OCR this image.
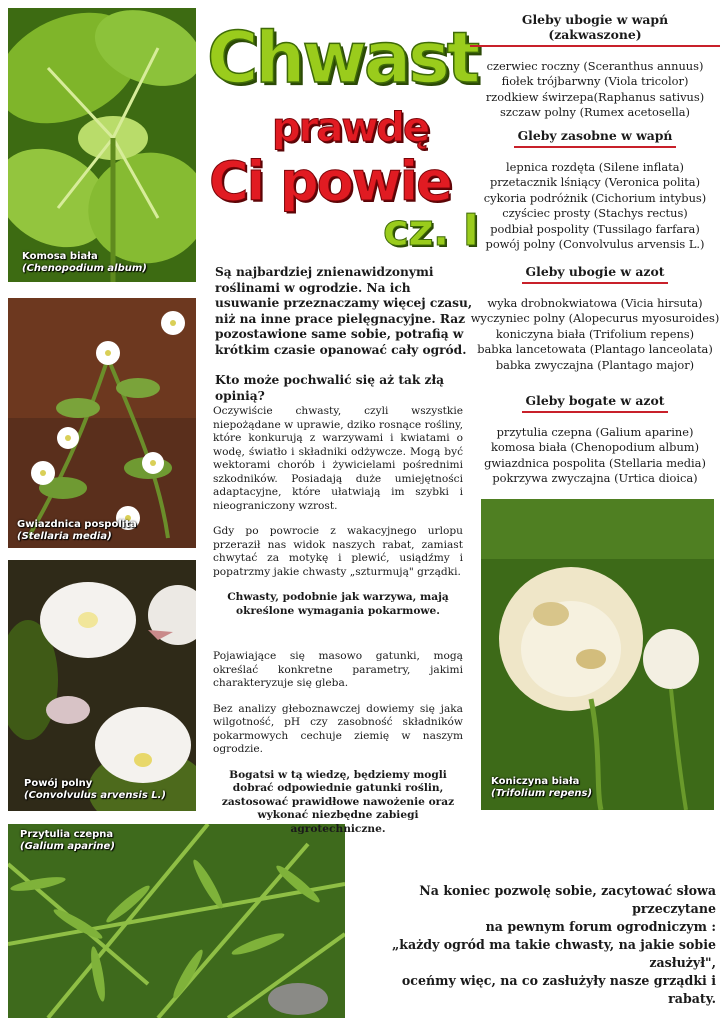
Komosa biała
(Chenopodium album)
Gwiazdnica pospolita
(Stellaria media)
Powój polny
(Convolvulus arvensis L.)
Przytulia czepna
(Galium aparine)
Koniczyna biała
(Trifolium repens)
Chwast
prawdę
Ci powie
cz. I

Są najbardziej znienawidzonymi roślinami w ogrodzie. Na ich usuwanie przeznaczamy więcej czasu, niż na inne prace pielęgnacyjne. Raz pozostawione same sobie, potrafią w krótkim czasie opanować cały ogród.

Kto może pochwalić się aż tak złą opinią?

Oczywiście chwasty, czyli wszystkie niepożądane w uprawie, dziko rosnące rośliny, które konkurują z warzywami i kwiatami o wodę, światło i składniki odżywcze. Mogą być wektorami chorób i żywicielami pośrednimi szkodników. Posiadają duże umiejętności adaptacyjne, które ułatwiają im szybki i nieograniczony wzrost.

Gdy po powrocie z wakacyjnego urlopu przeraził nas widok naszych rabat, zamiast chwytać za motykę i plewić, usiądźmy i popatrzmy jakie chwasty „szturmują" grządki.

Chwasty, podobnie jak warzywa, mają określone wymagania pokarmowe.

Pojawiające się masowo gatunki, mogą określać konkretne parametry, jakimi charakteryzuje się gleba.

Bez analizy głeboznawczej dowiemy się jaka wilgotność, pH czy zasobność składników pokarmowych cechuje ziemię w naszym ogrodzie.

Bogatsi w tą wiedzę, będziemy mogli dobrać odpowiednie gatunki roślin, zastosować prawidłowe nawożenie oraz wykonać niezbędne zabiegi agrotechniczne.

Gleby ubogie w wapń (zakwaszone)
czerwiec roczny (Sceranthus annuus)
fiołek trójbarwny (Viola tricolor)
rzodkiew świrzepa(Raphanus sativus)
szczaw polny (Rumex acetosella)
Gleby zasobne w wapń
lepnica rozdęta (Silene inflata)
przetacznik lśniący (Veronica polita)
cykoria podróżnik (Cichorium intybus)
czyściec prosty (Stachys rectus)
podbiał pospolity (Tussilago farfara)
powój polny (Convolvulus arvensis L.)
Gleby ubogie w azot
wyka drobnokwiatowa (Vicia hirsuta)
wyczyniec polny (Alopecurus myosuroides)
koniczyna biała (Trifolium repens)
babka lancetowata (Plantago lanceolata)
babka zwyczajna (Plantago major)
Gleby bogate w azot
przytulia czepna (Galium aparine)
komosa biała (Chenopodium album)
gwiazdnica pospolita (Stellaria media)
pokrzywa zwyczajna (Urtica dioica)
Na koniec pozwolę sobie, zacytować słowa przeczytane
na pewnym forum ogrodniczym :
„każdy ogród ma takie chwasty, na jakie sobie zasłużył",
oceńmy więc, na co zasłużyły nasze grządki i rabaty.
